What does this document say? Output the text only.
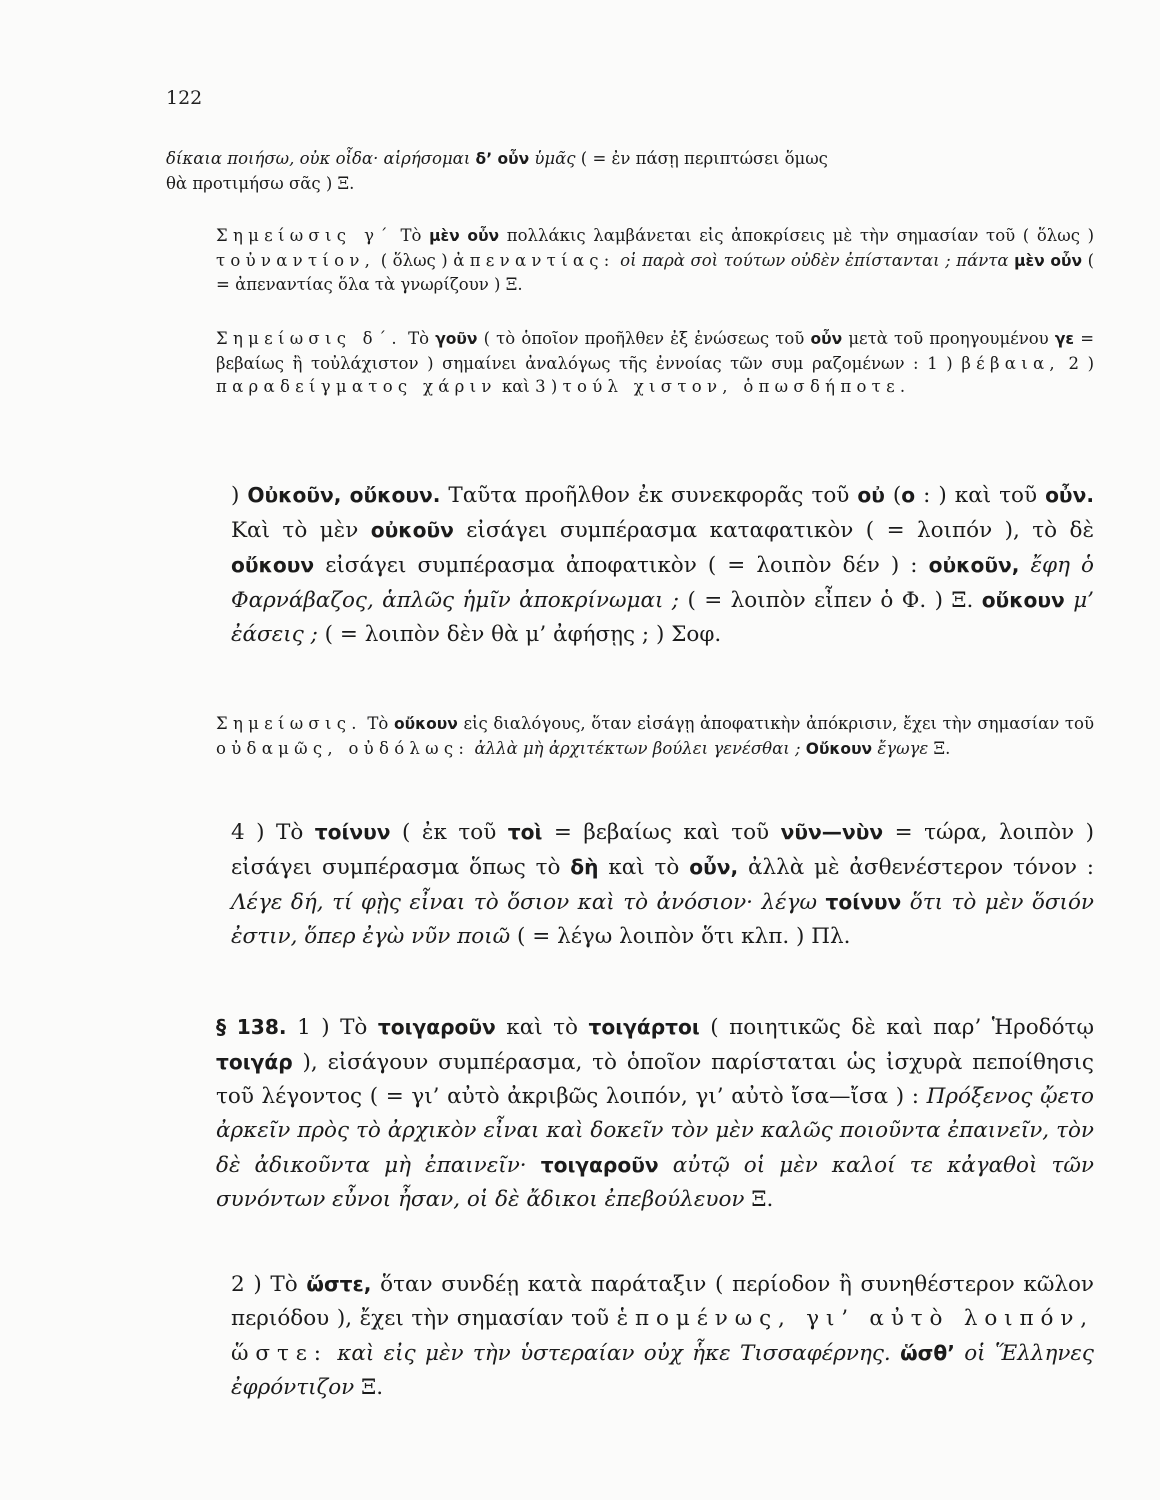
122

δίκαια ποιήσω, οὐκ οἶδα· αἱρήσομαι δ’ οὖν ὑμᾶς ( = ἐν πάσῃ περιπτώσει ὅμως
θὰ προτιμήσω σᾶς ) Ξ.

Σημείωσις γ΄ Τὸ μὲν οὖν πολλάκις λαμβάνεται εἰς ἀποκρίσεις μὲ τὴν σημασίαν τοῦ ( ὅλως ) τοὐναντίον, ( ὅλως ) ἀπεναντίας: οἱ παρὰ σοὶ τούτων οὐδὲν ἐπίστανται ; πάντα μὲν οὖν ( = ἀπεναντίας ὅλα τὰ γνωρίζουν ) Ξ.

Σημείωσις δ΄. Τὸ γοῦν ( τὸ ὁποῖον προῆλθεν ἐξ ἑνώσεως τοῦ οὖν μετὰ τοῦ προηγουμένου γε = βεβαίως ἢ τοὐλάχιστον ) σημαίνει ἀναλόγως τῆς ἐννοίας τῶν συμ ραζομένων : 1 ) βέβαια, 2 ) παραδείγματος χάριν καὶ 3 ) τούλ χιστον, ὁπωσδήποτε.

) Οὐκοῦν, οὔκουν. Ταῦτα προῆλθον ἐκ συνεκφορᾶς τοῦ οὐ (ο : ) καὶ τοῦ οὖν. Καὶ τὸ μὲν οὐκοῦν εἰσάγει συμπέρασμα καταφατικὸν ( = λοιπόν ), τὸ δὲ οὔκουν εἰσάγει συμπέρασμα ἀποφατικὸν ( = λοιπὸν δέν ) : οὐκοῦν, ἔφη ὁ Φαρνάβαζος, ἁπλῶς ἡμῖν ἀποκρίνωμαι ; ( = λοιπὸν εἶπεν ὁ Φ. ) Ξ. οὔκουν μ’ ἐάσεις ; ( = λοιπὸν δὲν θὰ μ’ ἀφήσῃς ; ) Σοφ.

Σημείωσις. Τὸ οὔκουν εἰς διαλόγους, ὅταν εἰσάγῃ ἀποφατικὴν ἀπόκρισιν, ἔχει τὴν σημασίαν τοῦ οὐδαμῶς, οὐδόλως: ἀλλὰ μὴ ἀρχιτέκτων βούλει γενέσθαι ; Οὔκουν ἔγωγε Ξ.

4 ) Τὸ τοίνυν ( ἐκ τοῦ τοὶ = βεβαίως καὶ τοῦ νῦν—νὺν = τώρα, λοιπὸν ) εἰσάγει συμπέρασμα ὅπως τὸ δὴ καὶ τὸ οὖν, ἀλλὰ μὲ ἀσθενέστερον τόνον : Λέγε δή, τί φῂς εἶναι τὸ ὅσιον καὶ τὸ ἀνόσιον· λέγω τοίνυν ὅτι τὸ μὲν ὅσιόν ἐστιν, ὅπερ ἐγὼ νῦν ποιῶ ( = λέγω λοιπὸν ὅτι κλπ. ) Πλ.

§ 138. 1 ) Τὸ τοιγαροῦν καὶ τὸ τοιγάρτοι ( ποιητικῶς δὲ καὶ παρ’ Ἡροδότῳ τοιγάρ ), εἰσάγουν συμπέρασμα, τὸ ὁποῖον παρίσταται ὡς ἰσχυρὰ πεποίθησις τοῦ λέγοντος ( = γι’ αὐτὸ ἀκριβῶς λοιπόν, γι’ αὐτὸ ἴσα—ἴσα ) : Πρόξενος ᾤετο ἀρκεῖν πρὸς τὸ ἀρχικὸν εἶναι καὶ δοκεῖν τὸν μὲν καλῶς ποιοῦντα ἐπαινεῖν, τὸν δὲ ἀδικοῦντα μὴ ἐπαινεῖν· τοιγαροῦν αὐτῷ οἱ μὲν καλοί τε κἀγαθοὶ τῶν συνόντων εὖνοι ἦσαν, οἱ δὲ ἄδικοι ἐπεβούλευον Ξ.

2 ) Τὸ ὥστε, ὅταν συνδέῃ κατὰ παράταξιν ( περίοδον ἢ συνηθέστερον κῶλον περιόδου ), ἔχει τὴν σημασίαν τοῦ ἑπομένως, γι’ αὐτὸ λοιπόν, ὥστε: καὶ εἰς μὲν τὴν ὑστεραίαν οὐχ ἧκε Τισσαφέρνης. ὥσθ’ οἱ Ἕλληνες ἐφρόντιζον Ξ.
